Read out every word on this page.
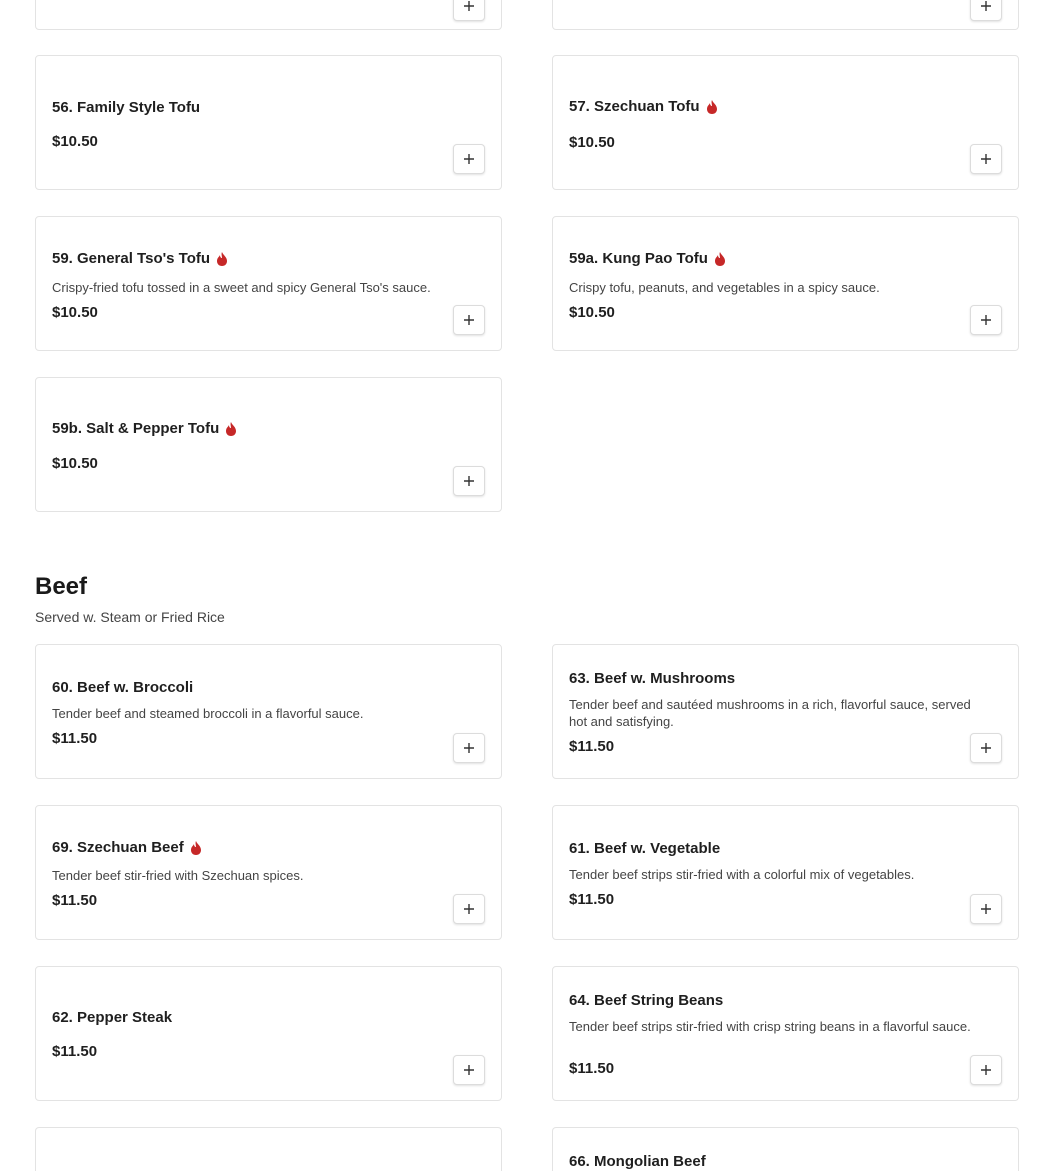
56. Family Style Tofu
$10.50
57. Szechuan Tofu
$10.50
59. General Tso's Tofu
Crispy-fried tofu tossed in a sweet and spicy General Tso's sauce.
$10.50
59a. Kung Pao Tofu
Crispy tofu, peanuts, and vegetables in a spicy sauce.
$10.50
59b. Salt & Pepper Tofu
$10.50
Beef
Served w. Steam or Fried Rice
60. Beef w. Broccoli
Tender beef and steamed broccoli in a flavorful sauce.
$11.50
63. Beef w. Mushrooms
Tender beef and sautéed mushrooms in a rich, flavorful sauce, served hot and satisfying.
$11.50
69. Szechuan Beef
Tender beef stir-fried with Szechuan spices.
$11.50
61. Beef w. Vegetable
Tender beef strips stir-fried with a colorful mix of vegetables.
$11.50
62. Pepper Steak
$11.50
64. Beef String Beans
Tender beef strips stir-fried with crisp string beans in a flavorful sauce.
$11.50
66. Mongolian Beef
